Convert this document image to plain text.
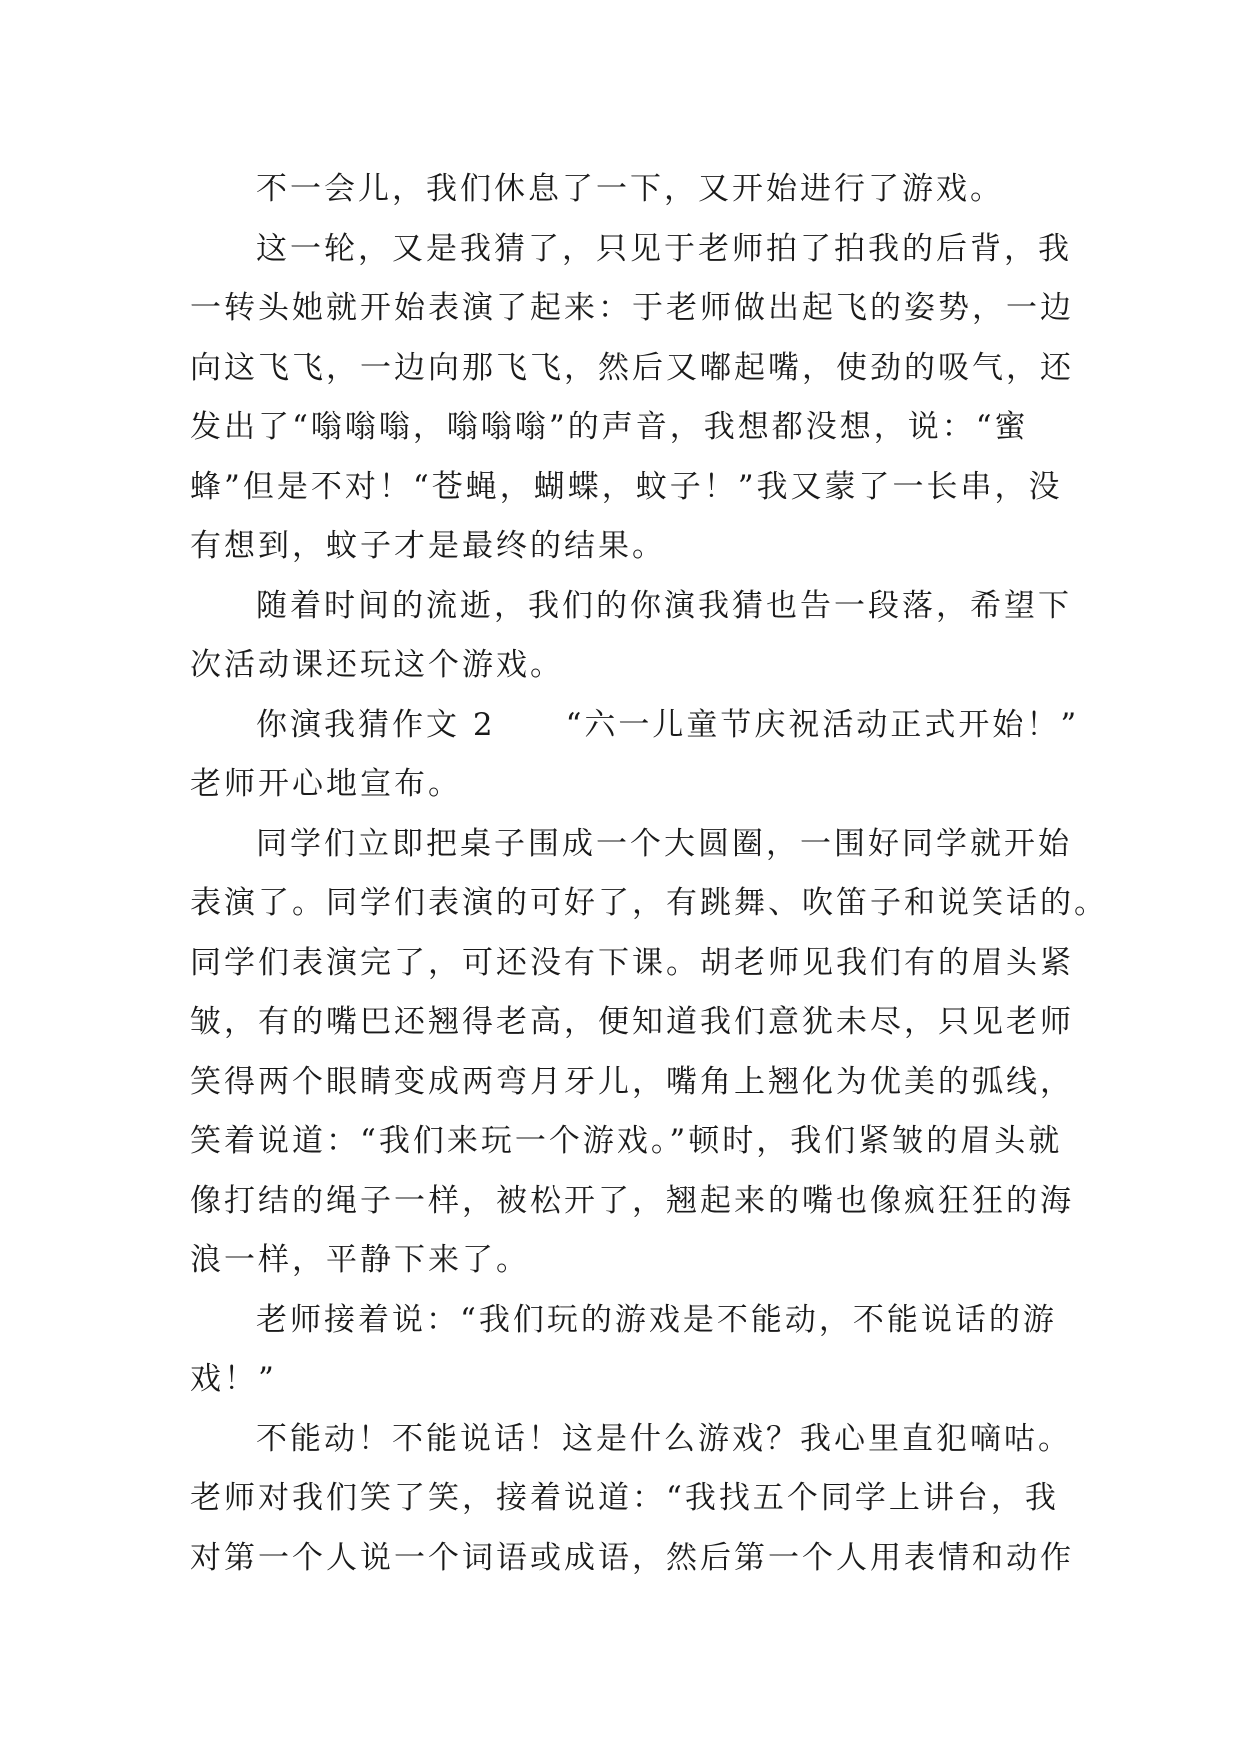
不一会儿，我们休息了一下，又开始进行了游戏。
这一轮，又是我猜了，只见于老师拍了拍我的后背，我
一转头她就开始表演了起来：于老师做出起飞的姿势，一边
向这飞飞，一边向那飞飞，然后又嘟起嘴，使劲的吸气，还
发出了“嗡嗡嗡，嗡嗡嗡”的声音，我想都没想，说：“蜜
蜂”但是不对！“苍蝇，蝴蝶，蚊子！”我又蒙了一长串，没
有想到，蚊子才是最终的结果。
随着时间的流逝，我们的你演我猜也告一段落，希望下
次活动课还玩这个游戏。
你演我猜作文 2 “六一儿童节庆祝活动正式开始！”
老师开心地宣布。
同学们立即把桌子围成一个大圆圈，一围好同学就开始
表演了。同学们表演的可好了，有跳舞、吹笛子和说笑话的。
同学们表演完了，可还没有下课。胡老师见我们有的眉头紧
皱，有的嘴巴还翘得老高，便知道我们意犹未尽，只见老师
笑得两个眼睛变成两弯月牙儿，嘴角上翘化为优美的弧线，
笑着说道：“我们来玩一个游戏。”顿时，我们紧皱的眉头就
像打结的绳子一样，被松开了，翘起来的嘴也像疯狂狂的海
浪一样，平静下来了。
老师接着说：“我们玩的游戏是不能动，不能说话的游
戏！”
不能动！不能说话！这是什么游戏？我心里直犯嘀咕。
老师对我们笑了笑，接着说道：“我找五个同学上讲台，我
对第一个人说一个词语或成语，然后第一个人用表情和动作
